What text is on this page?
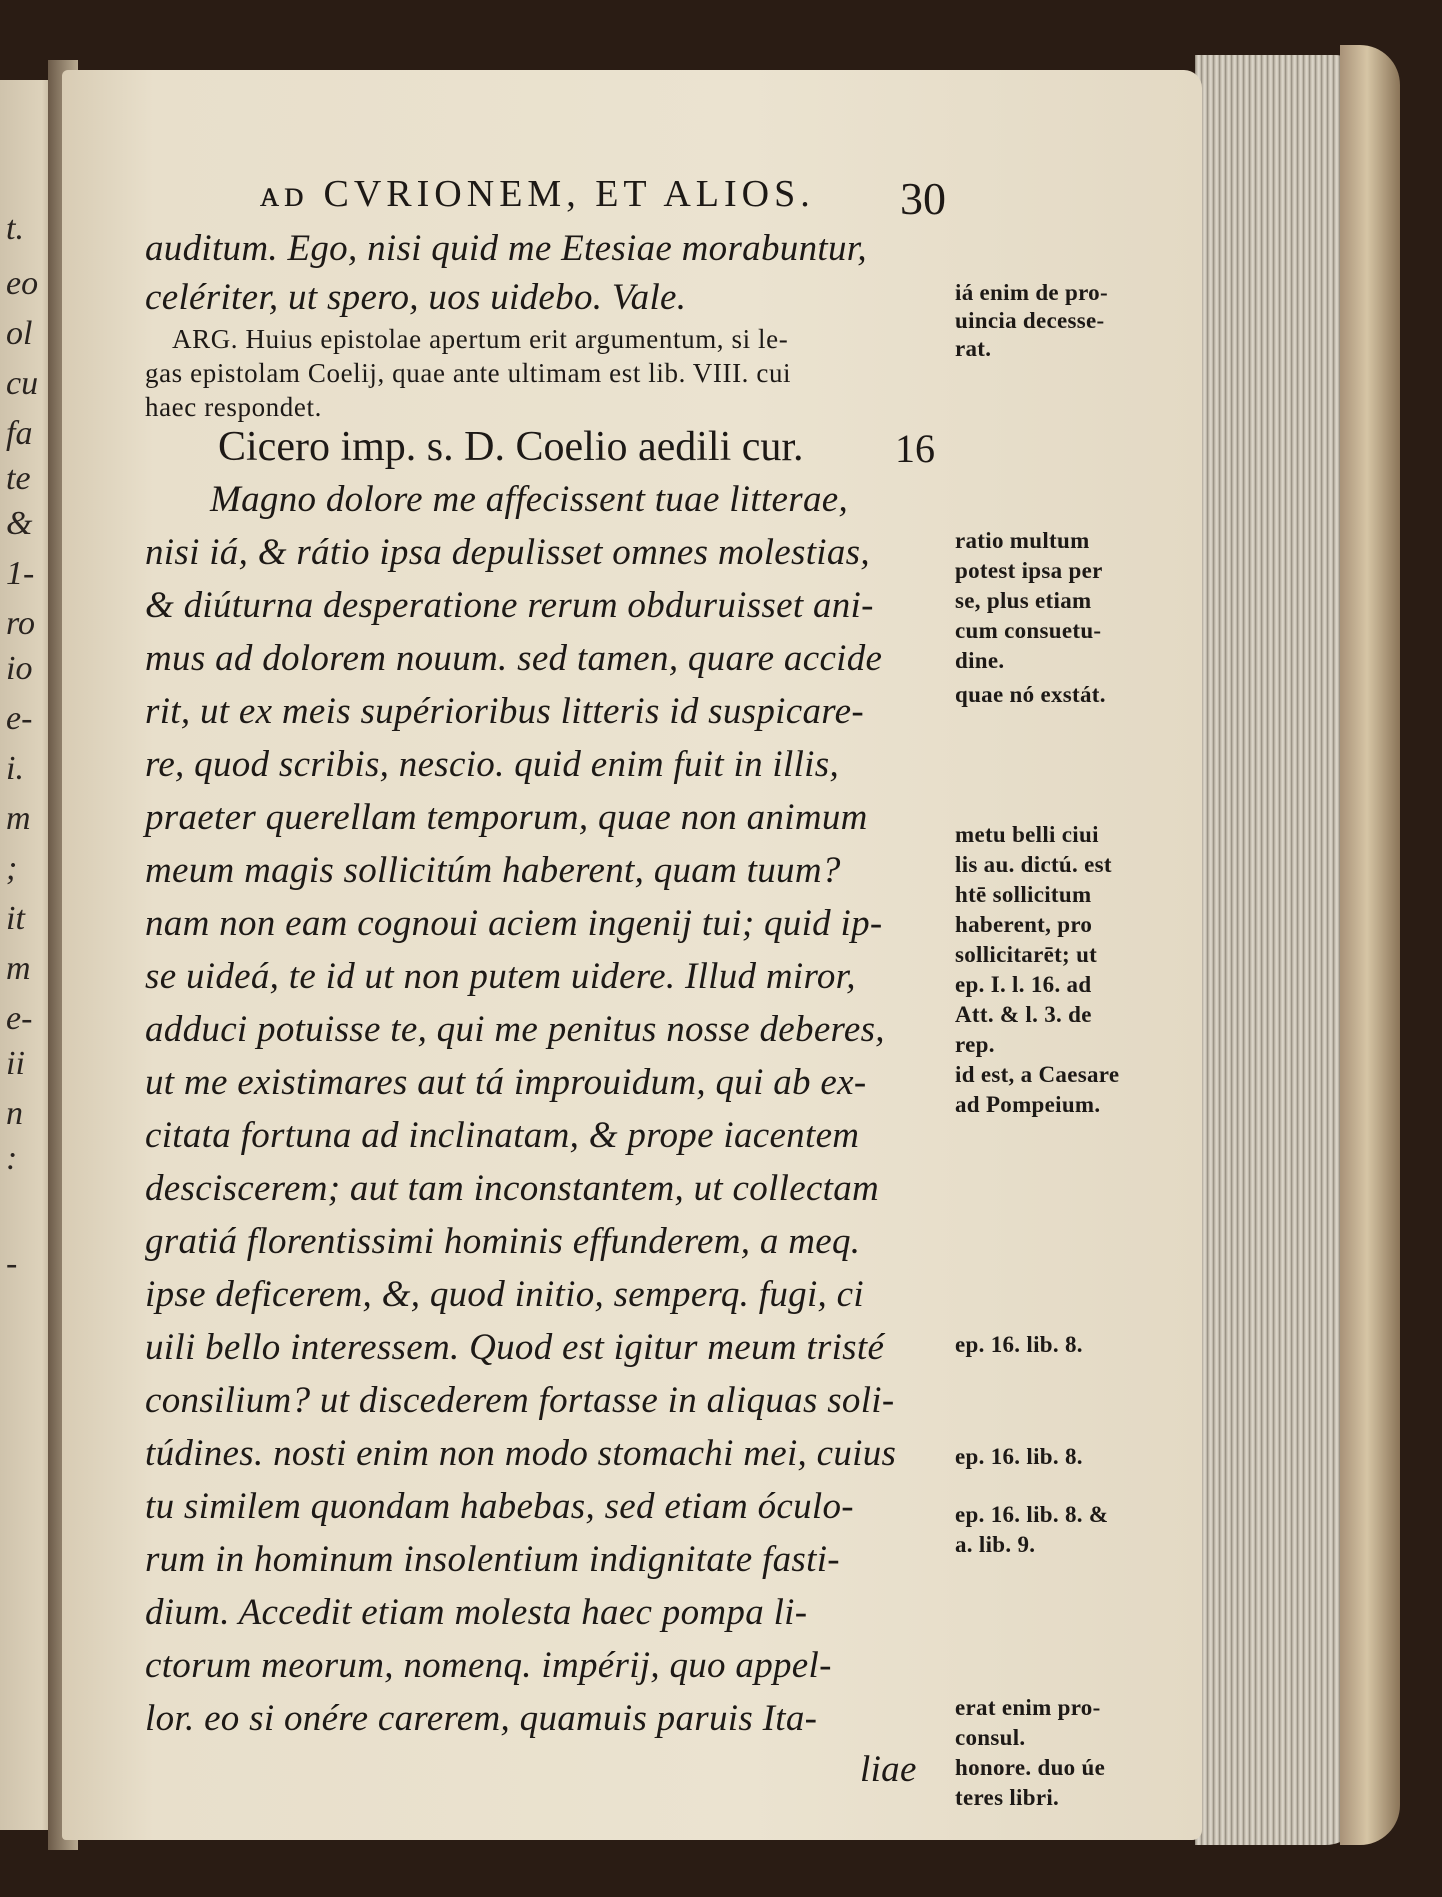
t.
eo
ol
cu
fa
te
&
1-
ro
io
e-
i.
m
;
it
m
e-
ii
n
:
-
ᴀᴅ CVRIONEM, ET ALIOS. 30
auditum. Ego, nisi quid me Etesiae morabuntur,
celériter, ut spero, uos uidebo. Vale.
ARG. Huius epistolae apertum erit argumentum, si le-
gas epistolam Coelij, quae ante ultimam est lib. VIII. cui
haec respondet.
Cicero imp. s. D. Coelio aedili cur. 16
Magno dolore me affecissent tuae litterae,
nisi iá, & rátio ipsa depulisset omnes molestias,
& diúturna desperatione rerum obduruisset ani-
mus ad dolorem nouum. sed tamen, quare accide
rit, ut ex meis supérioribus litteris id suspicare-
re, quod scribis, nescio. quid enim fuit in illis,
praeter querellam temporum, quae non animum
meum magis sollicitúm haberent, quam tuum?
nam non eam cognoui aciem ingenij tui; quid ip-
se uideá, te id ut non putem uidere. Illud miror,
adduci potuisse te, qui me penitus nosse deberes,
ut me existimares aut tá improuidum, qui ab ex-
citata fortuna ad inclinatam, & prope iacentem
desciscerem; aut tam inconstantem, ut collectam
gratiá florentissimi hominis effunderem, a meq.
ipse deficerem, &, quod initio, semperq. fugi, ci
uili bello interessem. Quod est igitur meum tristé
consilium? ut discederem fortasse in aliquas soli-
túdines. nosti enim non modo stomachi mei, cuius
tu similem quondam habebas, sed etiam óculo-
rum in hominum insolentium indignitate fasti-
dium. Accedit etiam molesta haec pompa li-
ctorum meorum, nomenq. impérij, quo appel-
lor. eo si onére carerem, quamuis paruis Ita-
liae
iá enim de pro-
uincia decesse-
rat.
ratio multum
potest ipsa per
se, plus etiam
cum consuetu-
dine.
quae nó exstát.
metu belli ciui
lis au. dictú. est
htē sollicitum
haberent, pro
sollicitarēt; ut
ep. I. l. 16. ad
Att. & l. 3. de
rep.
id est, a Caesare
ad Pompeium.
ep. 16. lib. 8.
ep. 16. lib. 8.
ep. 16. lib. 8. &
a. lib. 9.
erat enim pro-
consul.
honore. duo úe
teres libri.
